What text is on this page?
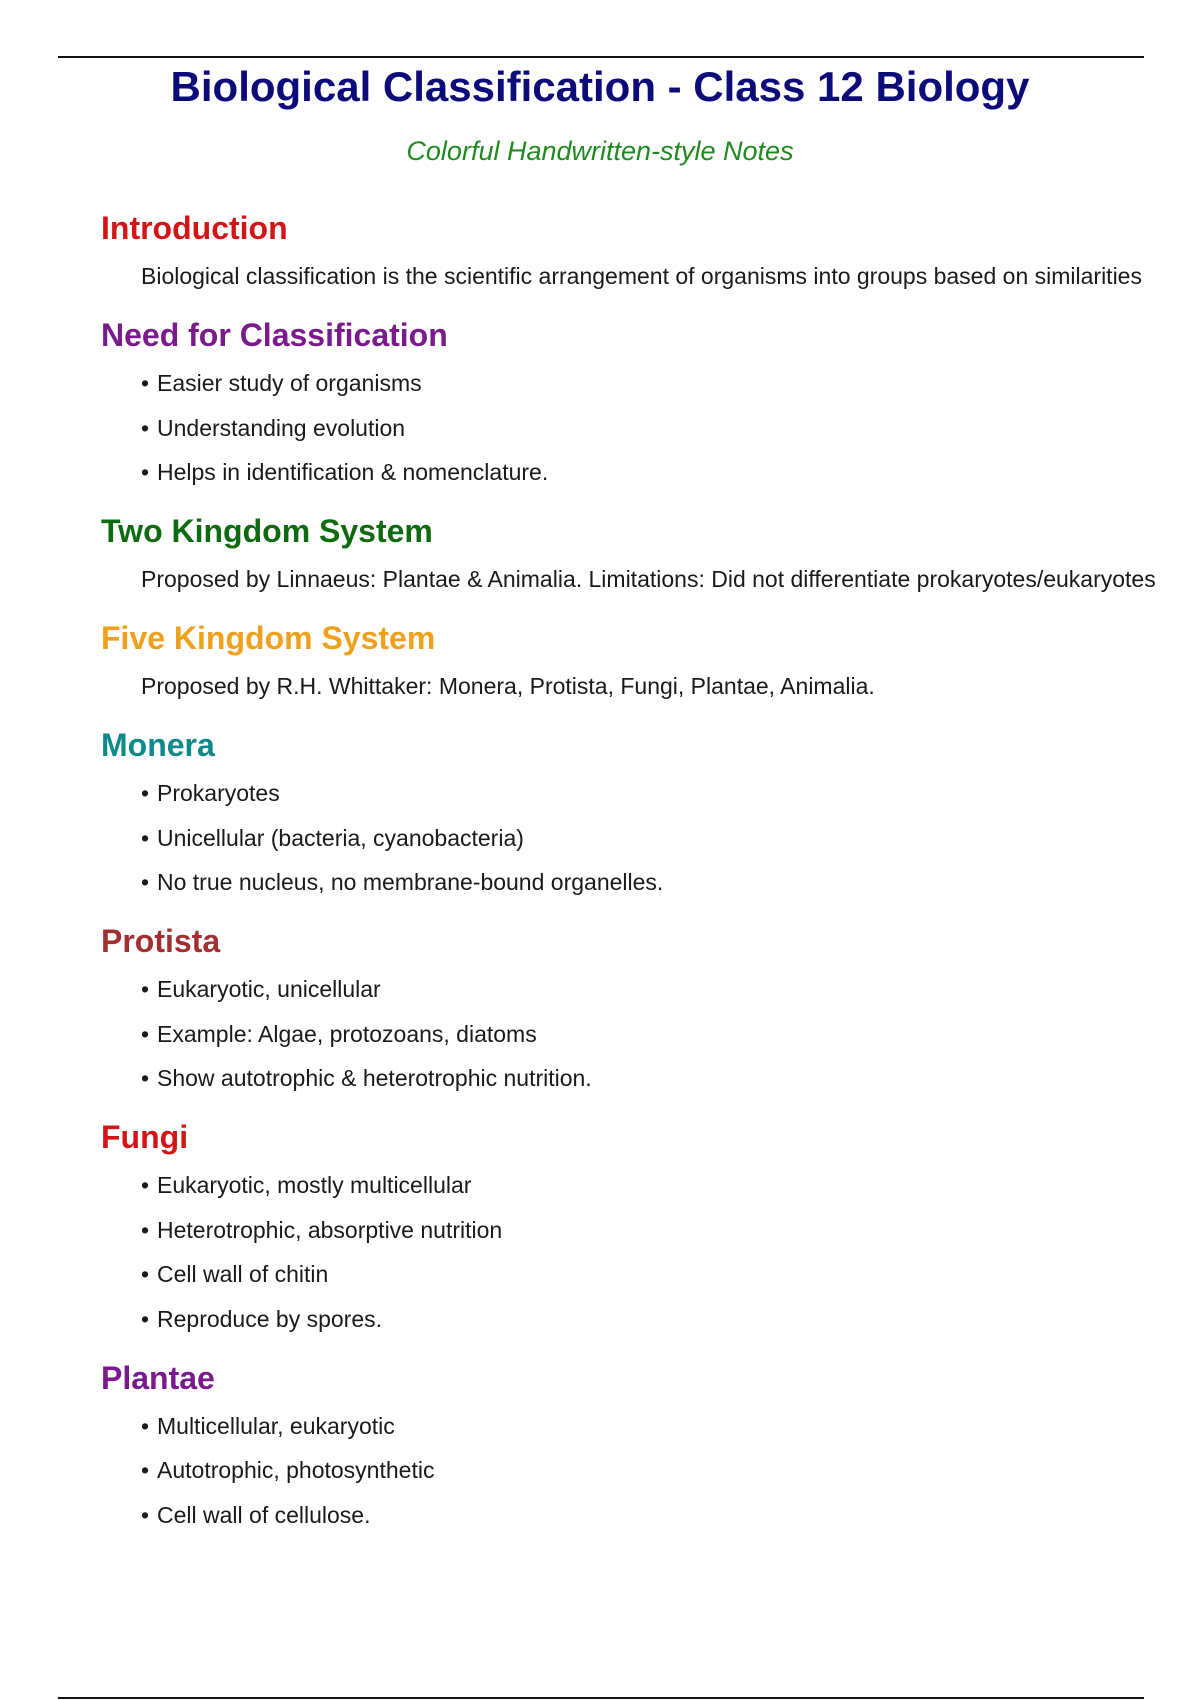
Biological Classification - Class 12 Biology

Colorful Handwritten-style Notes

Introduction

Biological classification is the scientific arrangement of organisms into groups based on similarities

Need for Classification
• Easier study of organisms
• Understanding evolution
• Helps in identification & nomenclature.
Two Kingdom System

Proposed by Linnaeus: Plantae & Animalia. Limitations: Did not differentiate prokaryotes/eukaryotes

Five Kingdom System

Proposed by R.H. Whittaker: Monera, Protista, Fungi, Plantae, Animalia.

Monera
• Prokaryotes
• Unicellular (bacteria, cyanobacteria)
• No true nucleus, no membrane-bound organelles.
Protista
• Eukaryotic, unicellular
• Example: Algae, protozoans, diatoms
• Show autotrophic & heterotrophic nutrition.
Fungi
• Eukaryotic, mostly multicellular
• Heterotrophic, absorptive nutrition
• Cell wall of chitin
• Reproduce by spores.
Plantae
• Multicellular, eukaryotic
• Autotrophic, photosynthetic
• Cell wall of cellulose.
